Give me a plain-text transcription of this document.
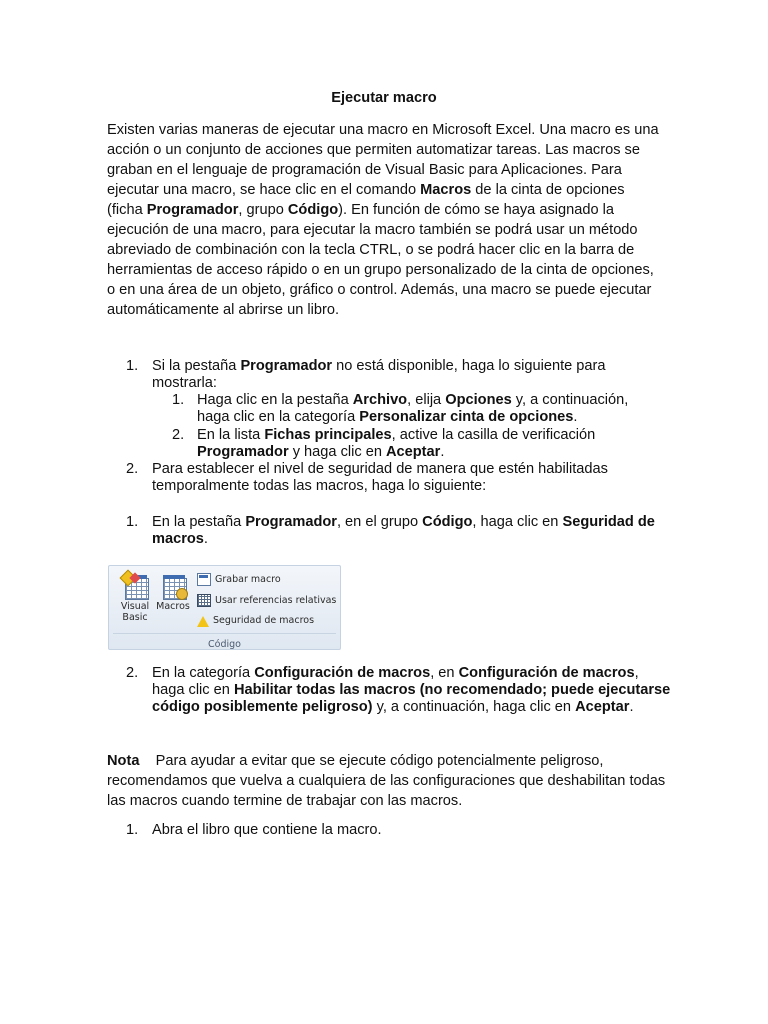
Ejecutar macro
Existen varias maneras de ejecutar una macro en Microsoft Excel. Una macro es una acción o un conjunto de acciones que permiten automatizar tareas. Las macros se graban en el lenguaje de programación de Visual Basic para Aplicaciones. Para ejecutar una macro, se hace clic en el comando Macros de la cinta de opciones (ficha Programador, grupo Código). En función de cómo se haya asignado la ejecución de una macro, para ejecutar la macro también se podrá usar un método abreviado de combinación con la tecla CTRL, o se podrá hacer clic en la barra de herramientas de acceso rápido o en un grupo personalizado de la cinta de opciones, o en una área de un objeto, gráfico o control. Además, una macro se puede ejecutar automáticamente al abrirse un libro.
1. Si la pestaña Programador no está disponible, haga lo siguiente para mostrarla:
1. Haga clic en la pestaña Archivo, elija Opciones y, a continuación, haga clic en la categoría Personalizar cinta de opciones.
2. En la lista Fichas principales, active la casilla de verificación Programador y haga clic en Aceptar.
2. Para establecer el nivel de seguridad de manera que estén habilitadas temporalmente todas las macros, haga lo siguiente:
1. En la pestaña Programador, en el grupo Código, haga clic en Seguridad de macros.
Visual Basic
Macros
Grabar macro
Usar referencias relativas
Seguridad de macros
Código
2. En la categoría Configuración de macros, en Configuración de macros, haga clic en Habilitar todas las macros (no recomendado; puede ejecutarse código posiblemente peligroso) y, a continuación, haga clic en Aceptar.
Nota    Para ayudar a evitar que se ejecute código potencialmente peligroso, recomendamos que vuelva a cualquiera de las configuraciones que deshabilitan todas las macros cuando termine de trabajar con las macros.
1. Abra el libro que contiene la macro.
